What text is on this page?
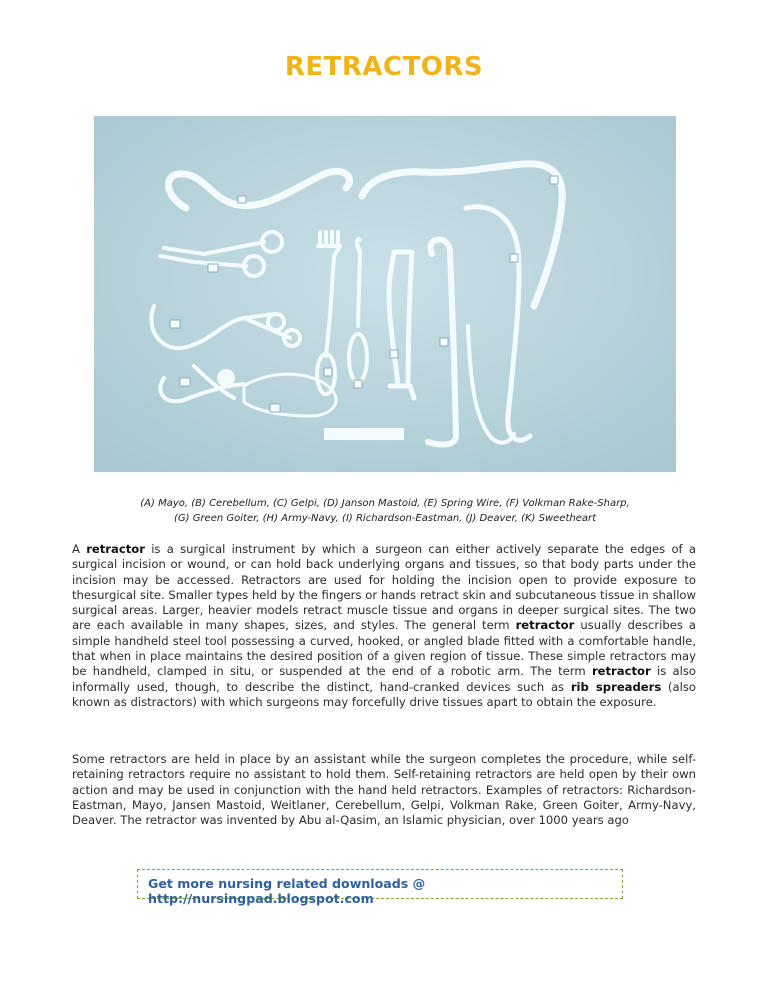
RETRACTORS
(A) Mayo, (B) Cerebellum, (C) Gelpi, (D) Janson Mastoid, (E) Spring Wire, (F) Volkman Rake-Sharp,
(G) Green Goiter, (H) Army-Navy, (I) Richardson-Eastman, (J) Deaver, (K) Sweetheart

A retractor is a surgical instrument by which a surgeon can either actively separate the edges of a surgical incision or wound, or can hold back underlying organs and tissues, so that body parts under the incision may be accessed. Retractors are used for holding the incision open to provide exposure to thesurgical site. Smaller types held by the fingers or hands retract skin and subcutaneous tissue in shallow surgical areas. Larger, heavier models retract muscle tissue and organs in deeper surgical sites. The two are each available in many shapes, sizes, and styles. The general term retractor usually describes a simple handheld steel tool possessing a curved, hooked, or angled blade fitted with a comfortable handle, that when in place maintains the desired position of a given region of tissue. These simple retractors may be handheld, clamped in situ, or suspended at the end of a robotic arm. The term retractor is also informally used, though, to describe the distinct, hand-cranked devices such as rib spreaders (also known as distractors) with which surgeons may forcefully drive tissues apart to obtain the exposure.

Some retractors are held in place by an assistant while the surgeon completes the procedure, while self-retaining retractors require no assistant to hold them. Self-retaining retractors are held open by their own action and may be used in conjunction with the hand held retractors. Examples of retractors: Richardson- Eastman, Mayo, Jansen Mastoid, Weitlaner, Cerebellum, Gelpi, Volkman Rake, Green Goiter, Army-Navy, Deaver. The retractor was invented by Abu al-Qasim, an Islamic physician, over 1000 years ago

Get more nursing related downloads @ http://nursingpad.blogspot.com
